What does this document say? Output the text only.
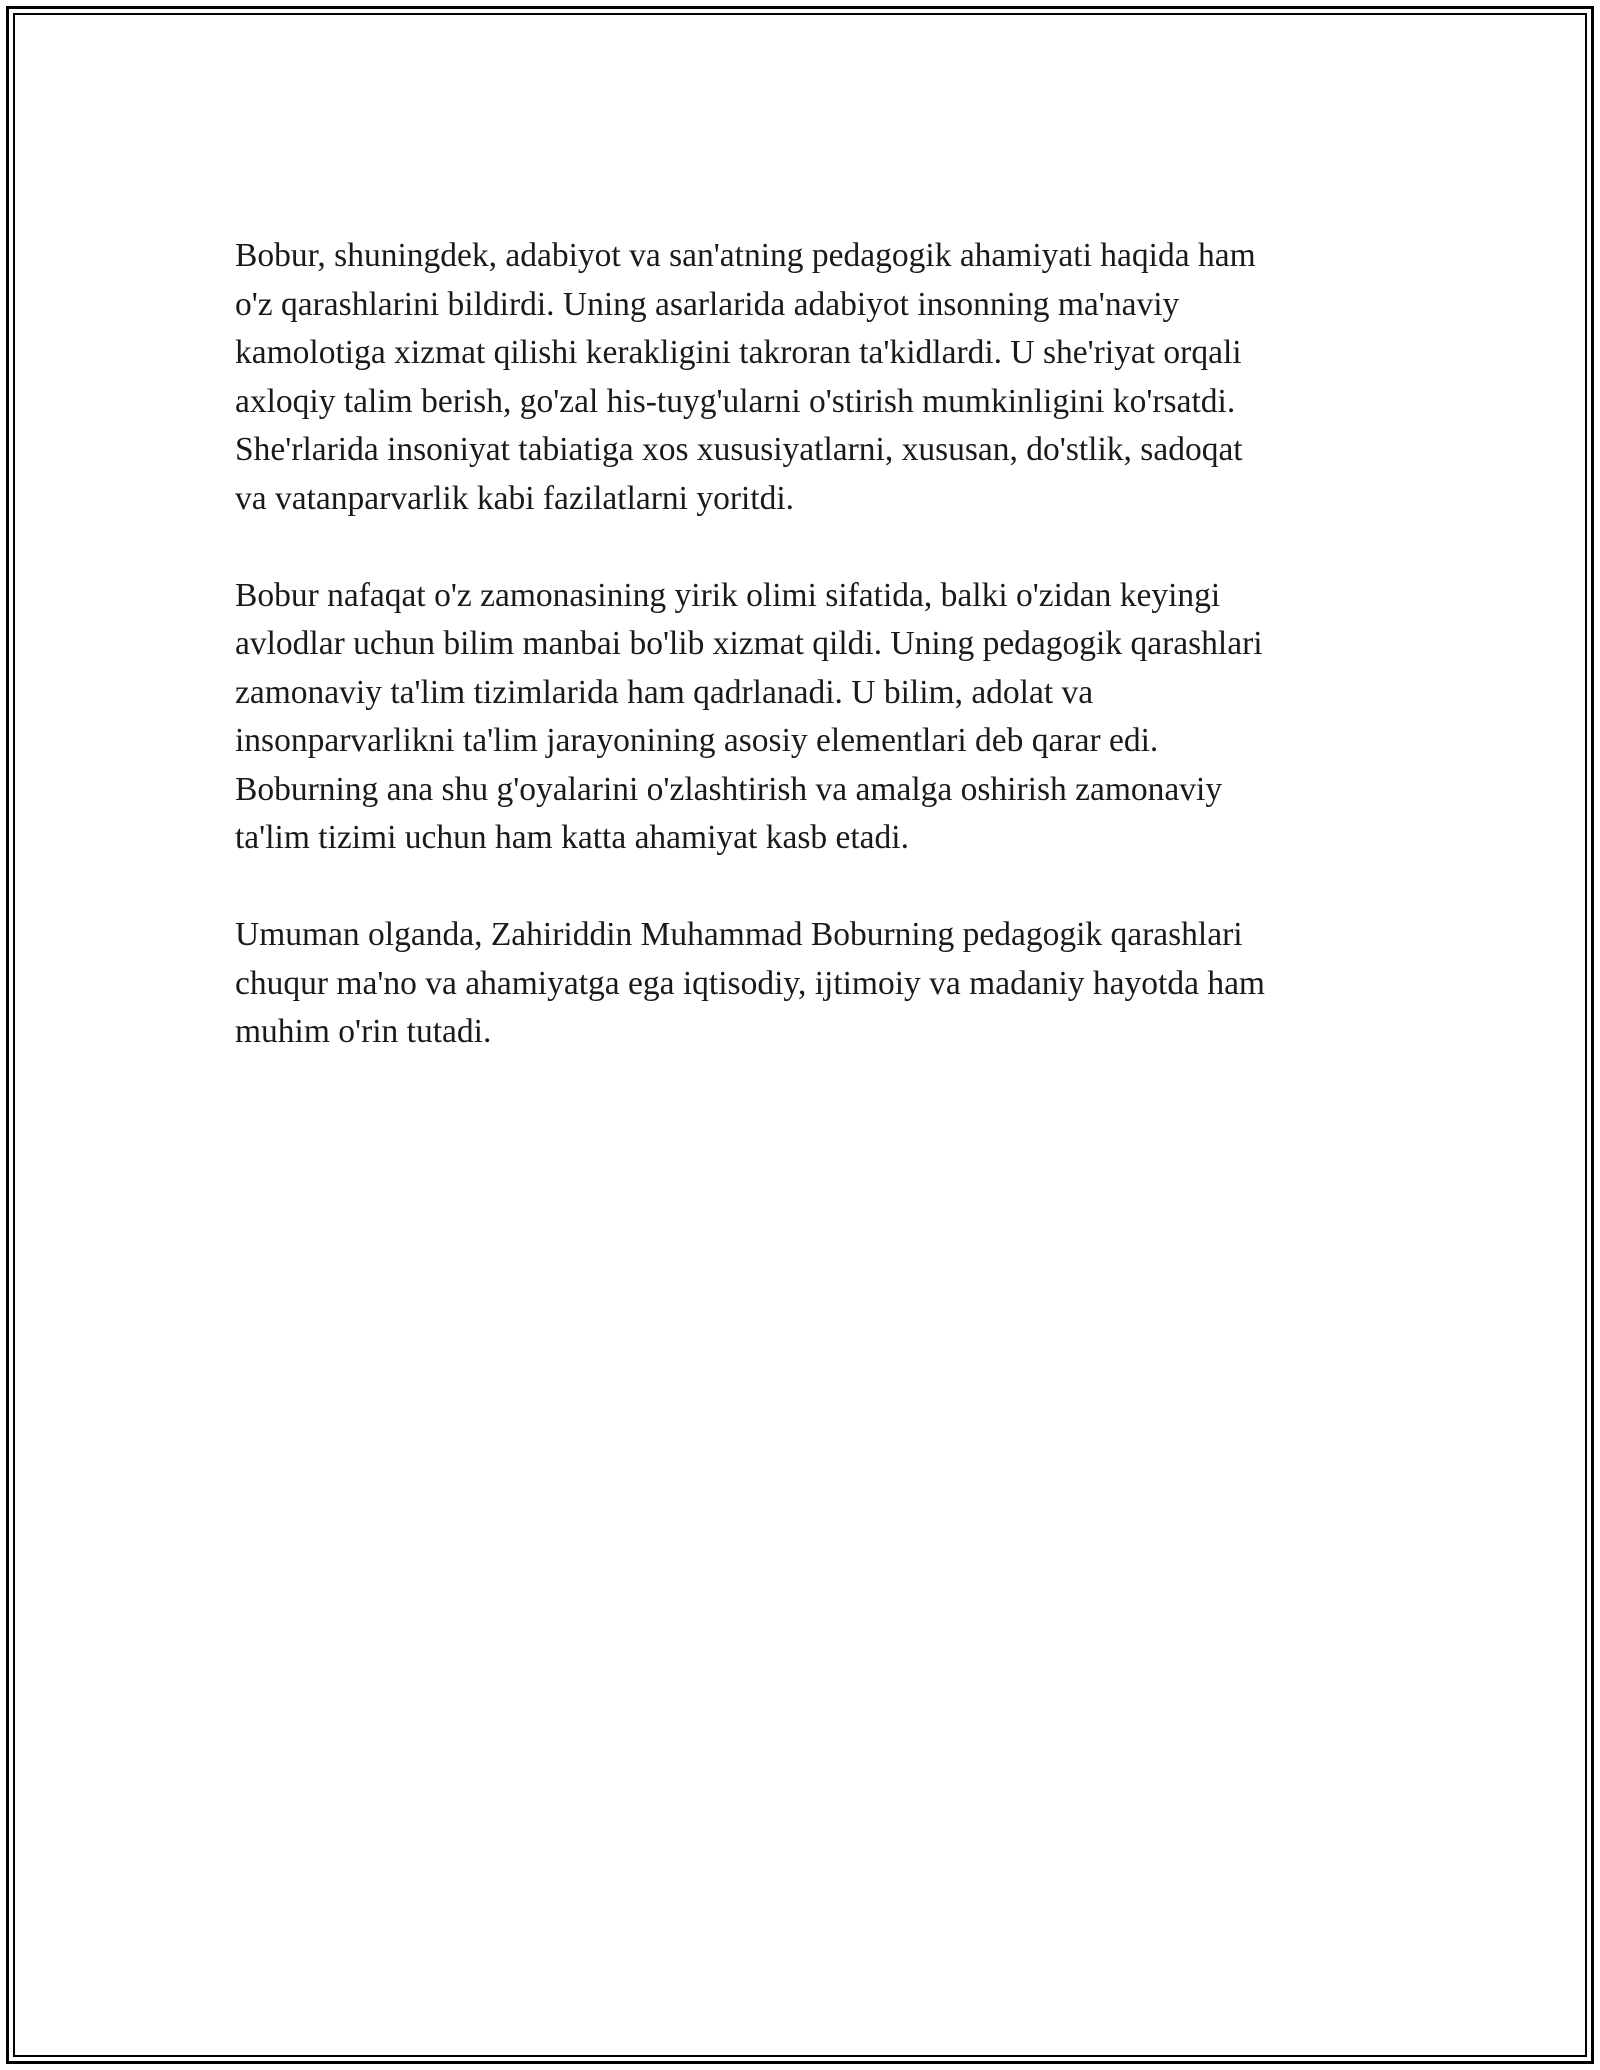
Bobur, shuningdek, adabiyot va san'atning pedagogik ahamiyati haqida ham
o'z qarashlarini bildirdi. Uning asarlarida adabiyot insonning ma'naviy
kamolotiga xizmat qilishi kerakligini takroran ta'kidlardi. U she'riyat orqali
axloqiy talim berish, go'zal his-tuyg'ularni o'stirish mumkinligini ko'rsatdi.
She'rlarida insoniyat tabiatiga xos xususiyatlarni, xususan, do'stlik, sadoqat
va vatanparvarlik kabi fazilatlarni yoritdi.

Bobur nafaqat o'z zamonasining yirik olimi sifatida, balki o'zidan keyingi
avlodlar uchun bilim manbai bo'lib xizmat qildi. Uning pedagogik qarashlari
zamonaviy ta'lim tizimlarida ham qadrlanadi. U bilim, adolat va
insonparvarlikni ta'lim jarayonining asosiy elementlari deb qarar edi.
Boburning ana shu g'oyalarini o'zlashtirish va amalga oshirish zamonaviy
ta'lim tizimi uchun ham katta ahamiyat kasb etadi.

Umuman olganda, Zahiriddin Muhammad Boburning pedagogik qarashlari
chuqur ma'no va ahamiyatga ega iqtisodiy, ijtimoiy va madaniy hayotda ham
muhim o'rin tutadi.
